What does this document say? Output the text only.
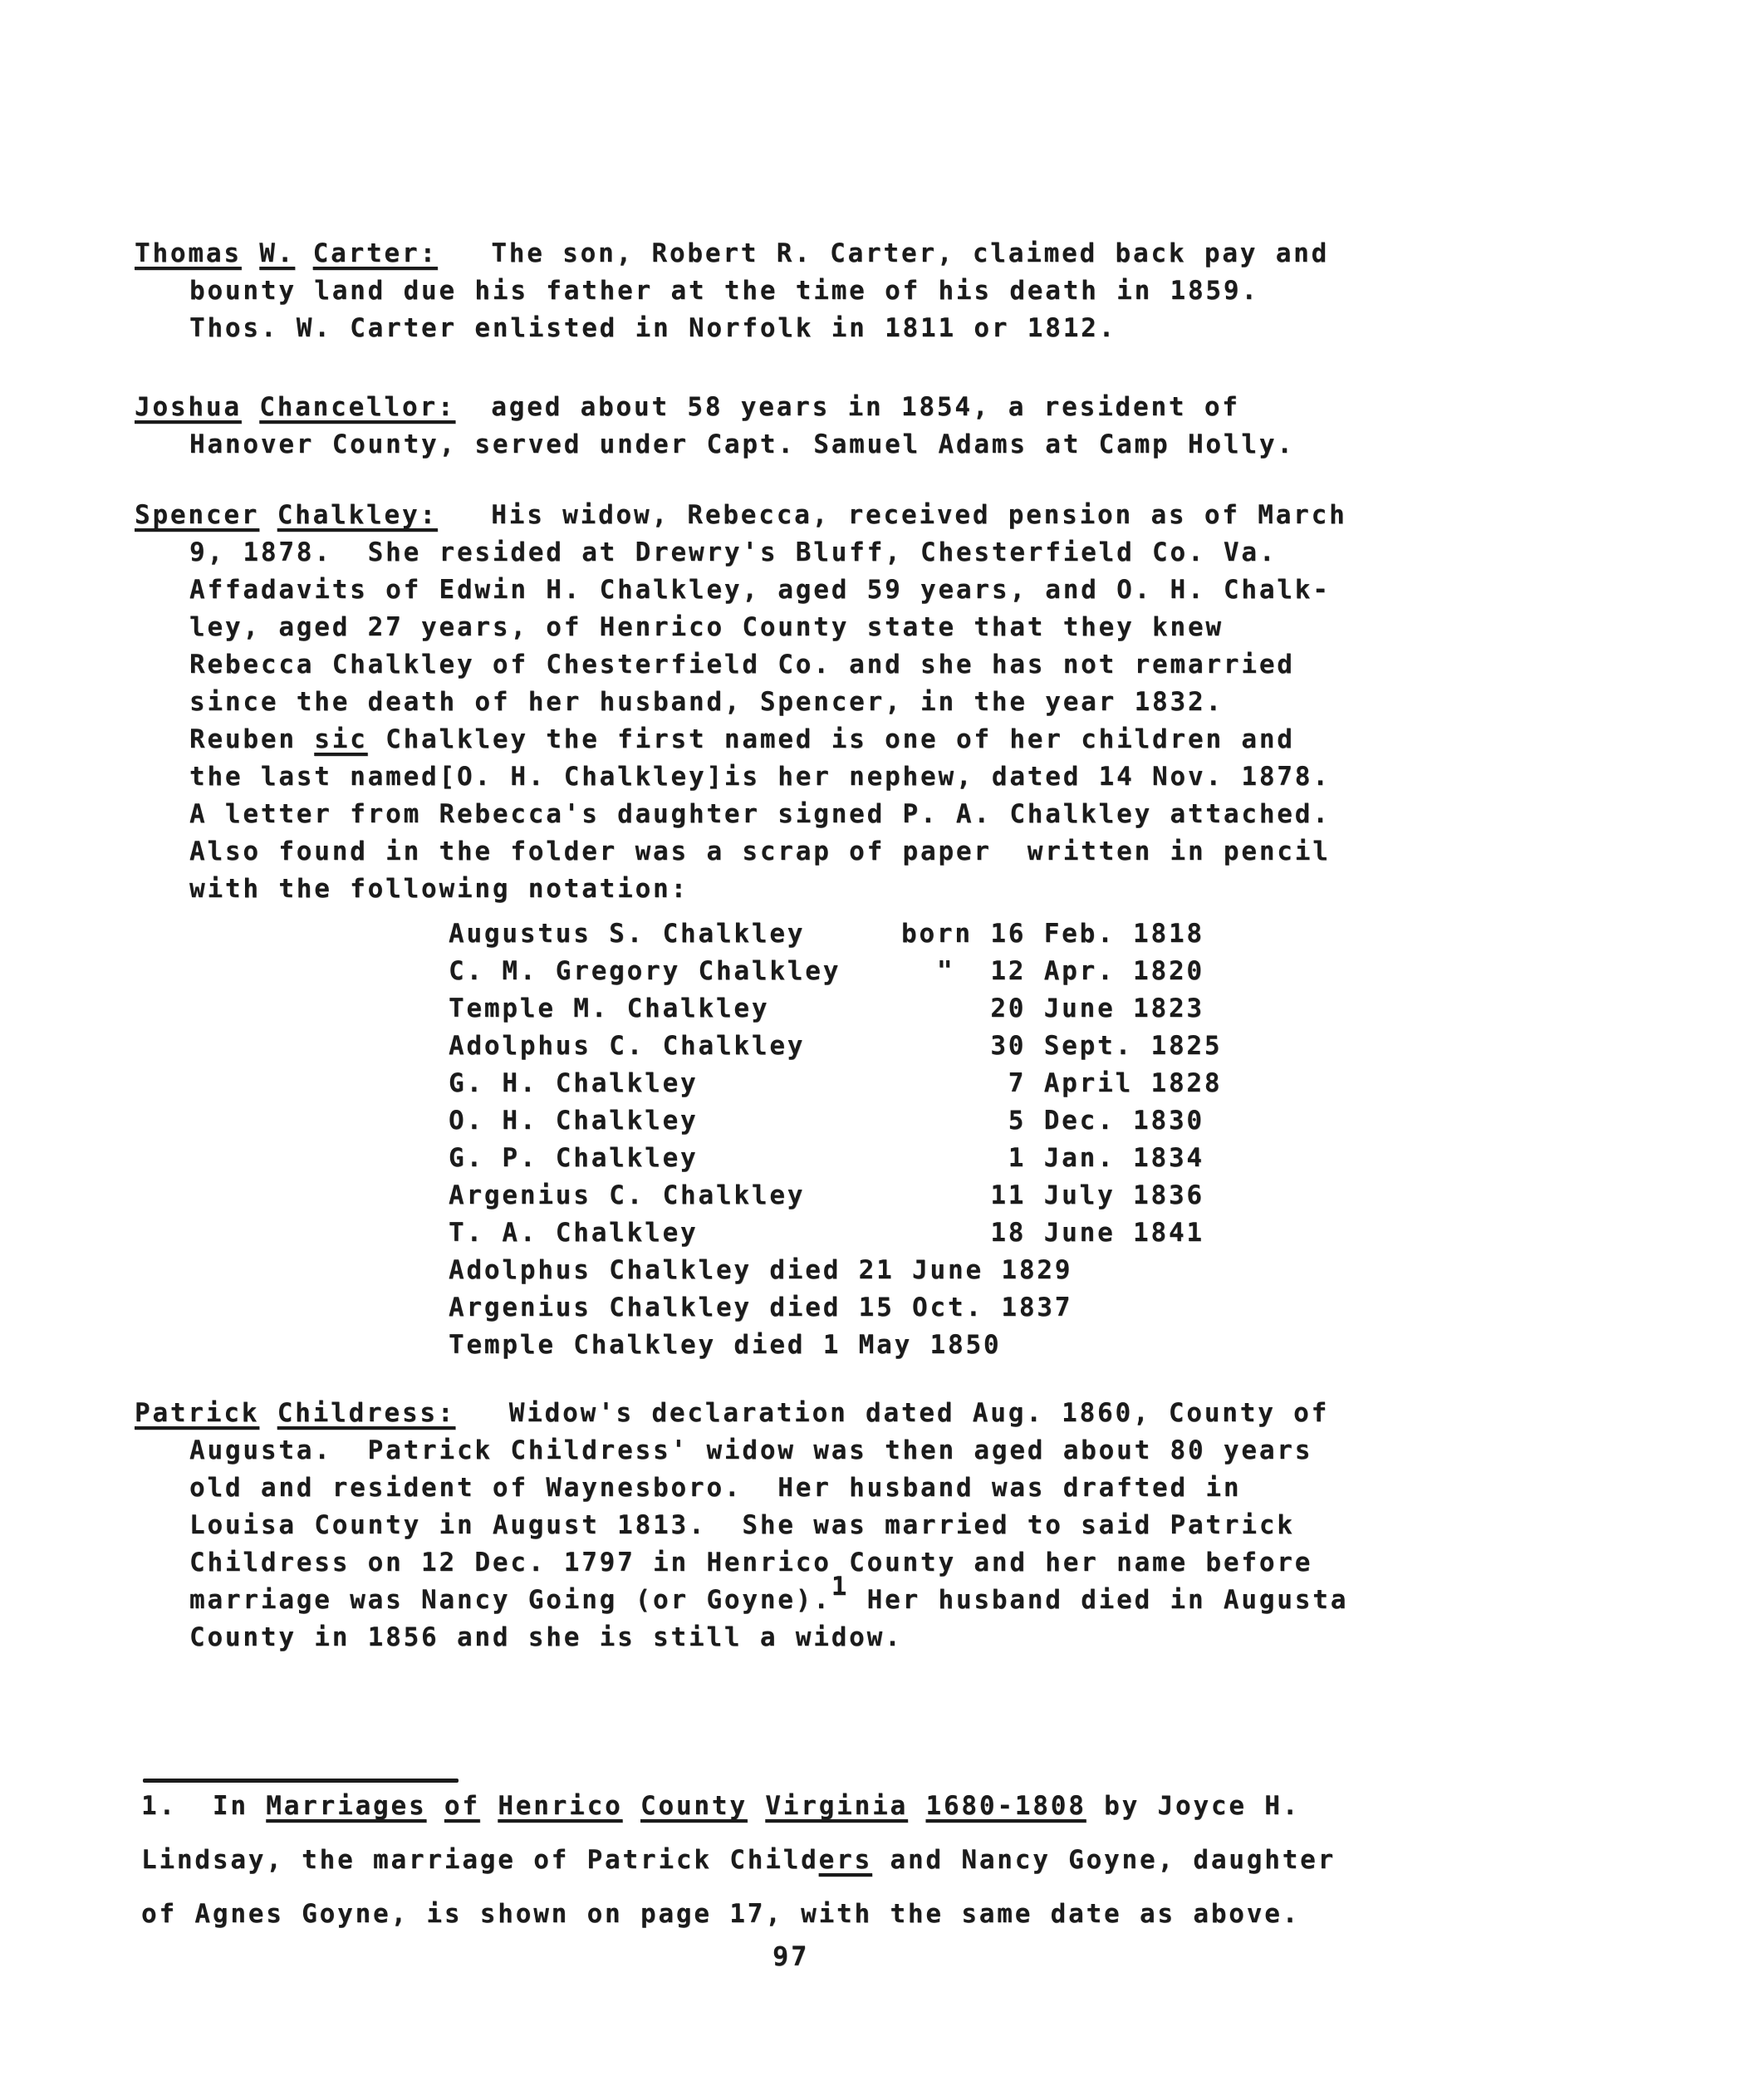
Thomas W. Carter:   The son, Robert R. Carter, claimed back pay and
bounty land due his father at the time of his death in 1859.
Thos. W. Carter enlisted in Norfolk in 1811 or 1812.
Joshua Chancellor:  aged about 58 years in 1854, a resident of
Hanover County, served under Capt. Samuel Adams at Camp Holly.
Spencer Chalkley:   His widow, Rebecca, received pension as of March
9, 1878.  She resided at Drewry's Bluff, Chesterfield Co. Va.
Affadavits of Edwin H. Chalkley, aged 59 years, and O. H. Chalk-
ley, aged 27 years, of Henrico County state that they knew
Rebecca Chalkley of Chesterfield Co. and she has not remarried
since the death of her husband, Spencer, in the year 1832.
Reuben sic Chalkley the first named is one of her children and
the last named[O. H. Chalkley]is her nephew, dated 14 Nov. 1878.
A letter from Rebecca's daughter signed P. A. Chalkley attached.
Also found in the folder was a scrap of paper  written in pencil
with the following notation:
Augustus S. Chalkley	born 16 Feb. 1818
C. M. Gregory Chalkley  "  12 Apr. 1820
Temple M. Chalkley	20 June 1823
Adolphus C. Chalkley	30 Sept. 1825
G. H. Chalkley	7 April 1828
O. H. Chalkley	5 Dec. 1830
G. P. Chalkley	1 Jan. 1834
Argenius C. Chalkley	11 July 1836
T. A. Chalkley	18 June 1841
Adolphus Chalkley died 21 June 1829
Argenius Chalkley died 15 Oct. 1837
Temple Chalkley died 1 May 1850
Patrick Childress:   Widow's declaration dated Aug. 1860, County of
Augusta.  Patrick Childress' widow was then aged about 80 years
old and resident of Waynesboro.  Her husband was drafted in
Louisa County in August 1813.  She was married to said Patrick
Childress on 12 Dec. 1797 in Henrico County and her name before
marriage was Nancy Going (or Goyne).1 Her husband died in Augusta
County in 1856 and she is still a widow.
1.  In Marriages of Henrico County Virginia 1680-1808 by Joyce H.
Lindsay, the marriage of Patrick Childers and Nancy Goyne, daughter
of Agnes Goyne, is shown on page 17, with the same date as above.
97
